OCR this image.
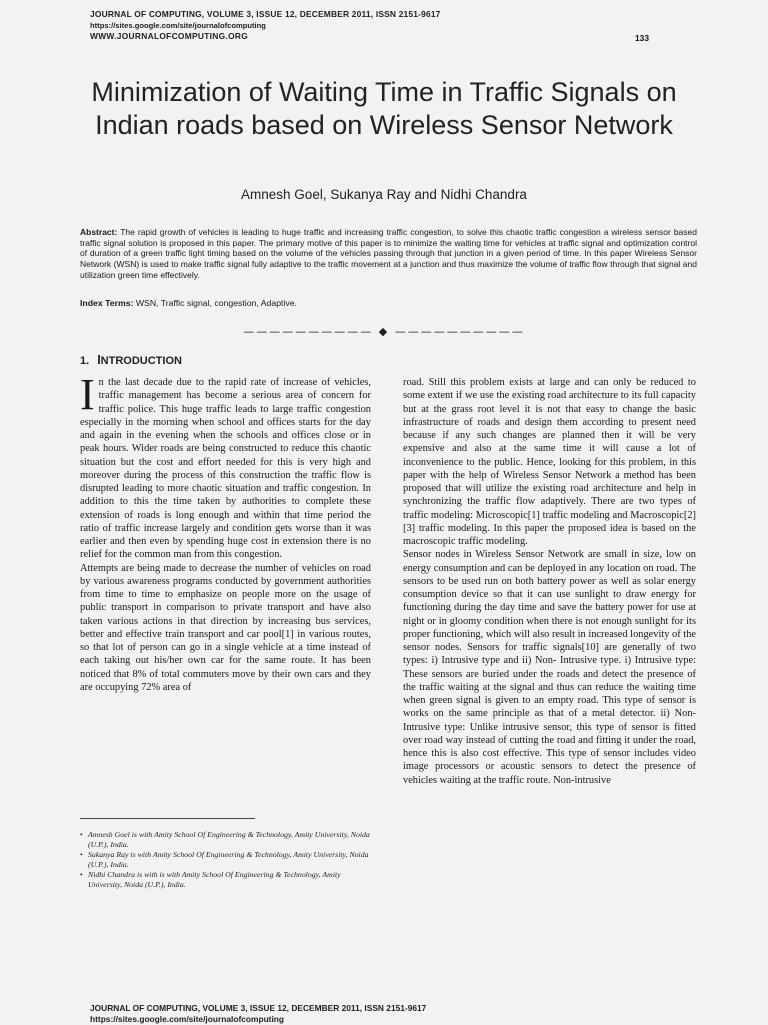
JOURNAL OF COMPUTING, VOLUME 3, ISSUE 12, DECEMBER 2011, ISSN 2151-9617
https://sites.google.com/site/journalofcomputing
WWW.JOURNALOFCOMPUTING.ORG	133
Minimization of Waiting Time in Traffic Signals on Indian roads based on Wireless Sensor Network
Amnesh Goel, Sukanya Ray and Nidhi Chandra
Abstract: The rapid growth of vehicles is leading to huge traffic and increasing traffic congestion, to solve this chaotic traffic congestion a wireless sensor based traffic signal solution is proposed in this paper. The primary motive of this paper is to minimize the waiting time for vehicles at traffic signal and optimization control of duration of a green traffic light timing based on the volume of the vehicles passing through that junction in a given period of time. In this paper Wireless Sensor Network (WSN) is used to make traffic signal fully adaptive to the traffic movement at a junction and thus maximize the volume of traffic flow through that signal and utilization green time effectively.
Index Terms: WSN, Traffic signal, congestion, Adaptive.
—————————— ◆ ——————————
1. INTRODUCTION

In the last decade due to the rapid rate of increase of vehicles, traffic management has become a serious area of concern for traffic police. This huge traffic leads to large traffic congestion especially in the morning when school and offices starts for the day and again in the evening when the schools and offices close or in peak hours. Wider roads are being constructed to reduce this chaotic situation but the cost and effort needed for this is very high and moreover during the process of this construction the traffic flow is disrupted leading to more chaotic situation and traffic congestion. In addition to this the time taken by authorities to complete these extension of roads is long enough and within that time period the ratio of traffic increase largely and condition gets worse than it was earlier and then even by spending huge cost in extension there is no relief for the common man from this congestion.

Attempts are being made to decrease the number of vehicles on road by various awareness programs conducted by government authorities from time to time to emphasize on people more on the usage of public transport in comparison to private transport and have also taken various actions in that direction by increasing bus services, better and effective train transport and car pool[1] in various routes, so that lot of person can go in a single vehicle at a time instead of each taking out his/her own car for the same route. It has been noticed that 8% of total commuters move by their own cars and they are occupying 72% area of

road. Still this problem exists at large and can only be reduced to some extent if we use the existing road architecture to its full capacity but at the grass root level it is not that easy to change the basic infrastructure of roads and design them according to present need because if any such changes are planned then it will be very expensive and also at the same time it will cause a lot of inconvenience to the public. Hence, looking for this problem, in this paper with the help of Wireless Sensor Network a method has been proposed that will utilize the existing road architecture and help in synchronizing the traffic flow adaptively. There are two types of traffic modeling: Microscopic[1] traffic modeling and Macroscopic[2][3] traffic modeling. In this paper the proposed idea is based on the macroscopic traffic modeling.

Sensor nodes in Wireless Sensor Network are small in size, low on energy consumption and can be deployed in any location on road. The sensors to be used run on both battery power as well as solar energy consumption device so that it can use sunlight to draw energy for functioning during the day time and save the battery power for use at night or in gloomy condition when there is not enough sunlight for its proper functioning, which will also result in increased longevity of the sensor nodes. Sensors for traffic signals[10] are generally of two types: i) Intrusive type and ii) Non- Intrusive type. i) Intrusive type: These sensors are buried under the roads and detect the presence of the traffic waiting at the signal and thus can reduce the waiting time when green signal is given to an empty road. This type of sensor is works on the same principle as that of a metal detector. ii) Non- Intrusive type: Unlike intrusive sensor, this type of sensor is fitted over road way instead of cutting the road and fitting it under the road, hence this is also cost effective. This type of sensor includes video image processors or acoustic sensors to detect the presence of vehicles waiting at the traffic route. Non-intrusive

• Amnesh Goel is with Amity School Of Engineering & Technology, Amity University, Noida (U.P.), India.
• Sukanya Ray is with Amity School Of Engineering & Technology, Amity University, Noida (U.P.), India.
• Nidhi Chandra is with is with Amity School Of Engineering & Technology, Amity University, Noida (U.P.), India.
JOURNAL OF COMPUTING, VOLUME 3, ISSUE 12, DECEMBER 2011, ISSN 2151-9617
https://sites.google.com/site/journalofcomputing
